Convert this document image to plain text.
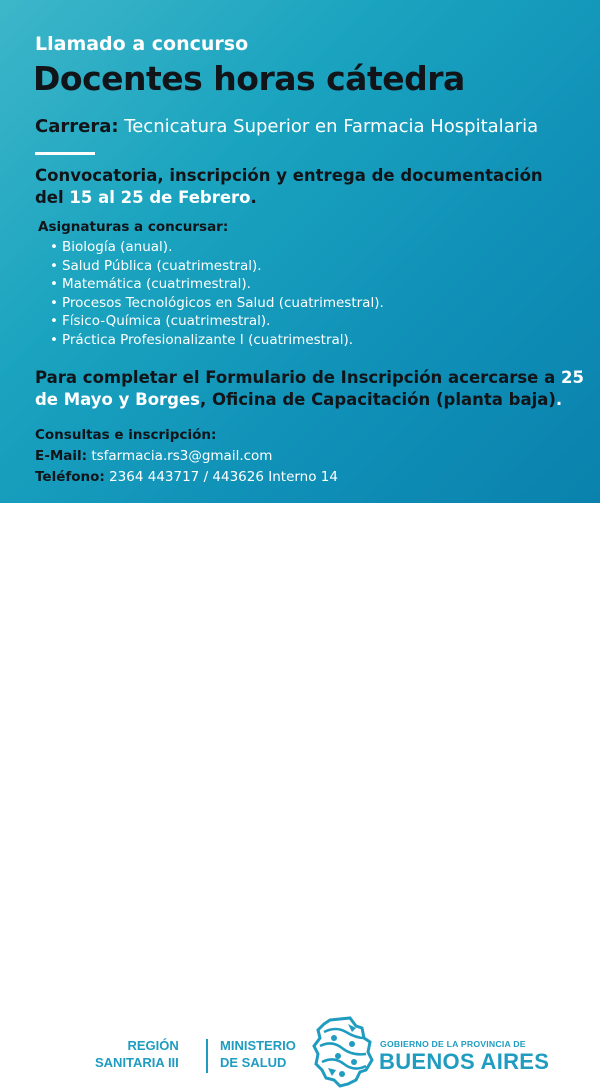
Llamado a concurso
Docentes horas cátedra
Carrera: Tecnicatura Superior en Farmacia Hospitalaria
Convocatoria, inscripción y entrega de documentación
del 15 al 25 de Febrero.
Asignaturas a concursar:
• Biología (anual).
• Salud Pública (cuatrimestral).
• Matemática (cuatrimestral).
• Procesos Tecnológicos en Salud (cuatrimestral).
• Físico-Química (cuatrimestral).
• Práctica Profesionalizante I (cuatrimestral).
Para completar el Formulario de Inscripción acercarse a 25
de Mayo y Borges, Oficina de Capacitación (planta baja).
Consultas e inscripción:
E-Mail: tsfarmacia.rs3@gmail.com
Teléfono: 2364 443717 / 443626 Interno 14
REGIÓN
SANITARIA III
MINISTERIO
DE SALUD
GOBIERNO DE LA PROVINCIA DE
BUENOS AIRES
